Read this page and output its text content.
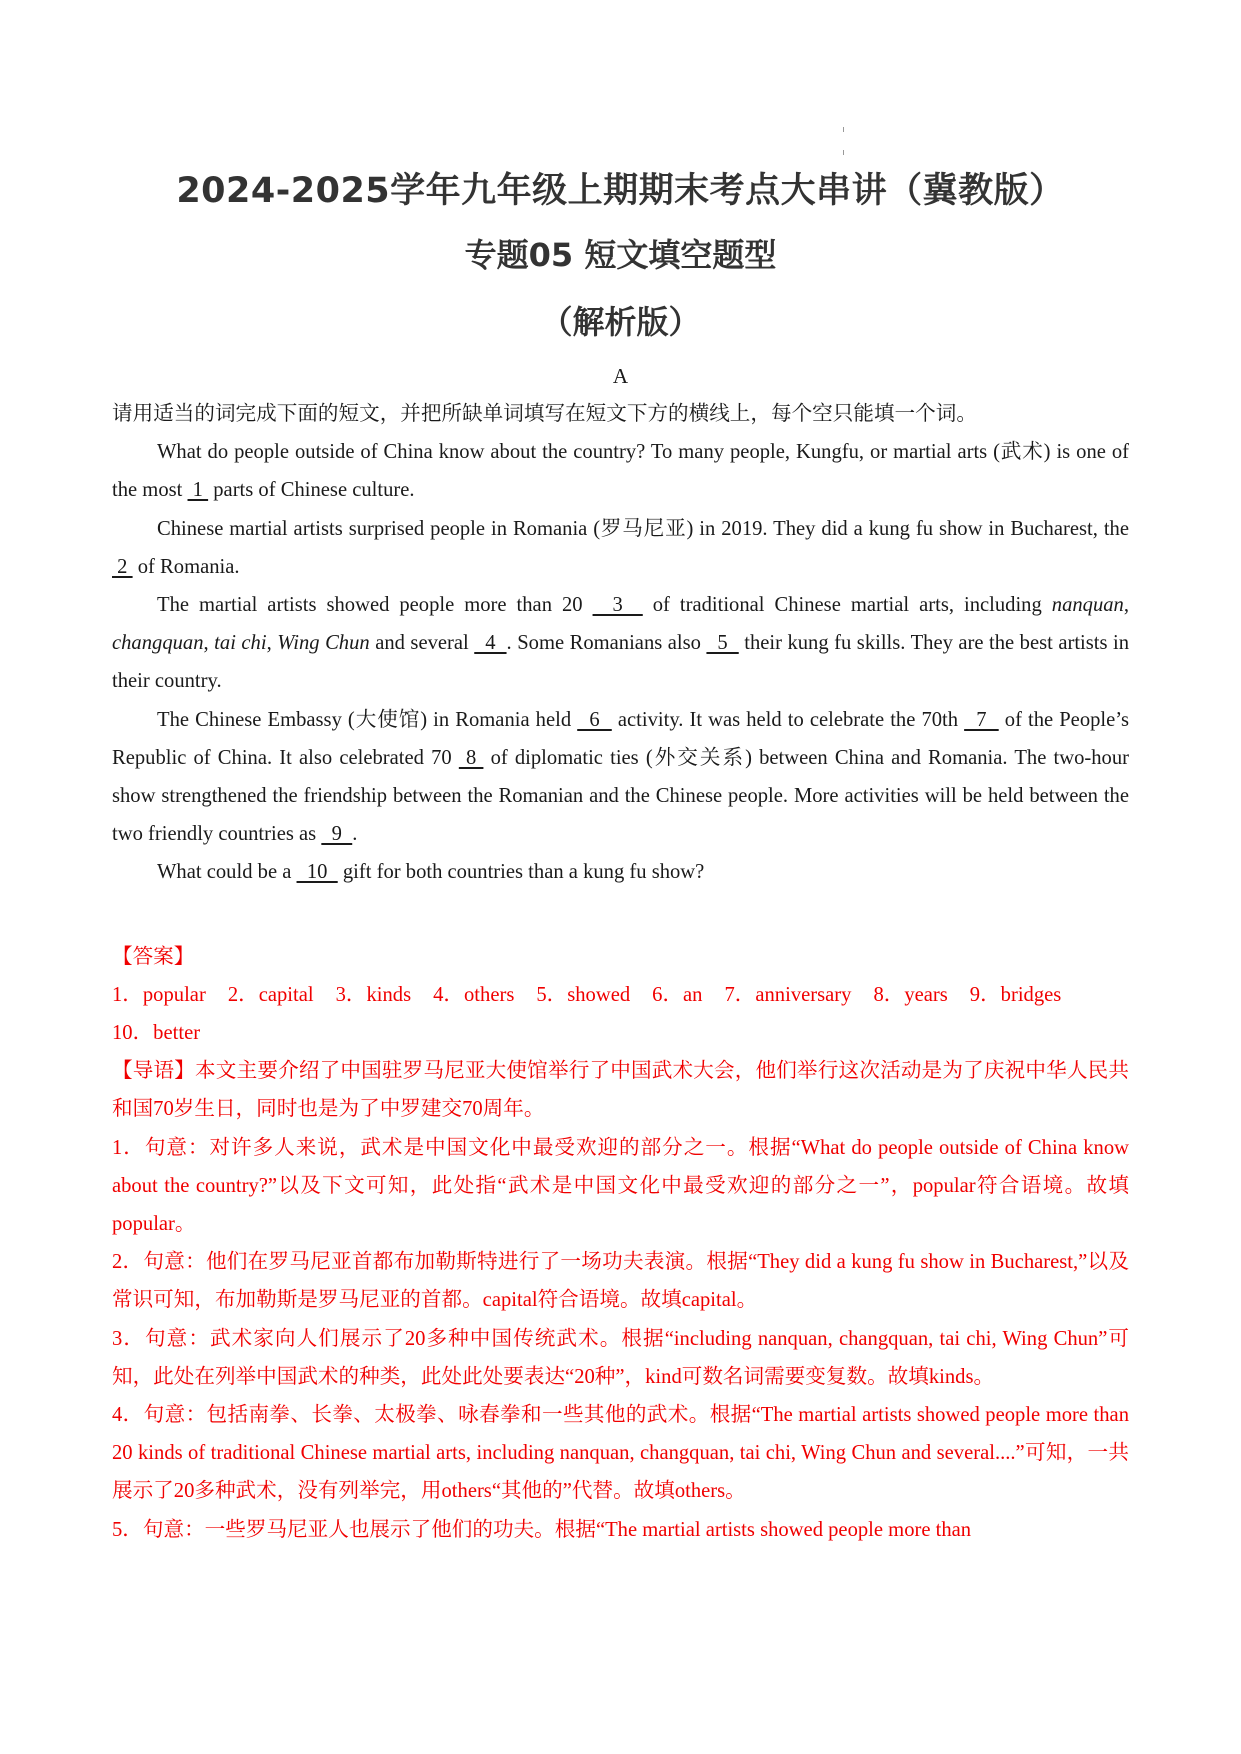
2024-2025学年九年级上期期末考点大串讲（冀教版）
专题05 短文填空题型
（解析版）
A

请用适当的词完成下面的短文，并把所缺单词填写在短文下方的横线上，每个空只能填一个词。

What do people outside of China know about the country? To many people, Kungfu, or martial arts (武术) is one of the most  1  parts of Chinese culture.

Chinese martial artists surprised people in Romania (罗马尼亚) in 2019. They did a kung fu show in Bucharest, the  2  of Romania.

The martial artists showed people more than 20   3   of traditional Chinese martial arts, including nanquan, changquan, tai chi, Wing Chun and several   4  . Some Romanians also   5   their kung fu skills. They are the best artists in their country.

The Chinese Embassy (大使馆) in Romania held   6   activity. It was held to celebrate the 70th   7   of the People’s Republic of China. It also celebrated 70  8  of diplomatic ties (外交关系) between China and Romania. The two-hour show strengthened the friendship between the Romanian and the Chinese people. More activities will be held between the two friendly countries as   9  .

What could be a   10   gift for both countries than a kung fu show?

【答案】

1．popular 2．capital 3．kinds 4．others 5．showed 6．an 7．anniversary 8．years 9．bridges
10．better

【导语】本文主要介绍了中国驻罗马尼亚大使馆举行了中国武术大会，他们举行这次活动是为了庆祝中华人民共和国70岁生日，同时也是为了中罗建交70周年。

1．句意：对许多人来说，武术是中国文化中最受欢迎的部分之一。根据“What do people outside of China know about the country?”以及下文可知，此处指“武术是中国文化中最受欢迎的部分之一”，popular符合语境。故填popular。

2．句意：他们在罗马尼亚首都布加勒斯特进行了一场功夫表演。根据“They did a kung fu show in Bucharest,”以及常识可知，布加勒斯是罗马尼亚的首都。capital符合语境。故填capital。

3．句意：武术家向人们展示了20多种中国传统武术。根据“including nanquan, changquan, tai chi, Wing Chun”可知，此处在列举中国武术的种类，此处此处要表达“20种”，kind可数名词需要变复数。故填kinds。

4．句意：包括南拳、长拳、太极拳、咏春拳和一些其他的武术。根据“The martial artists showed people more than 20 kinds of traditional Chinese martial arts, including nanquan, changquan, tai chi, Wing Chun and several....”可知，一共展示了20多种武术，没有列举完，用others“其他的”代替。故填others。

5．句意：一些罗马尼亚人也展示了他们的功夫。根据“The martial artists showed people more than
